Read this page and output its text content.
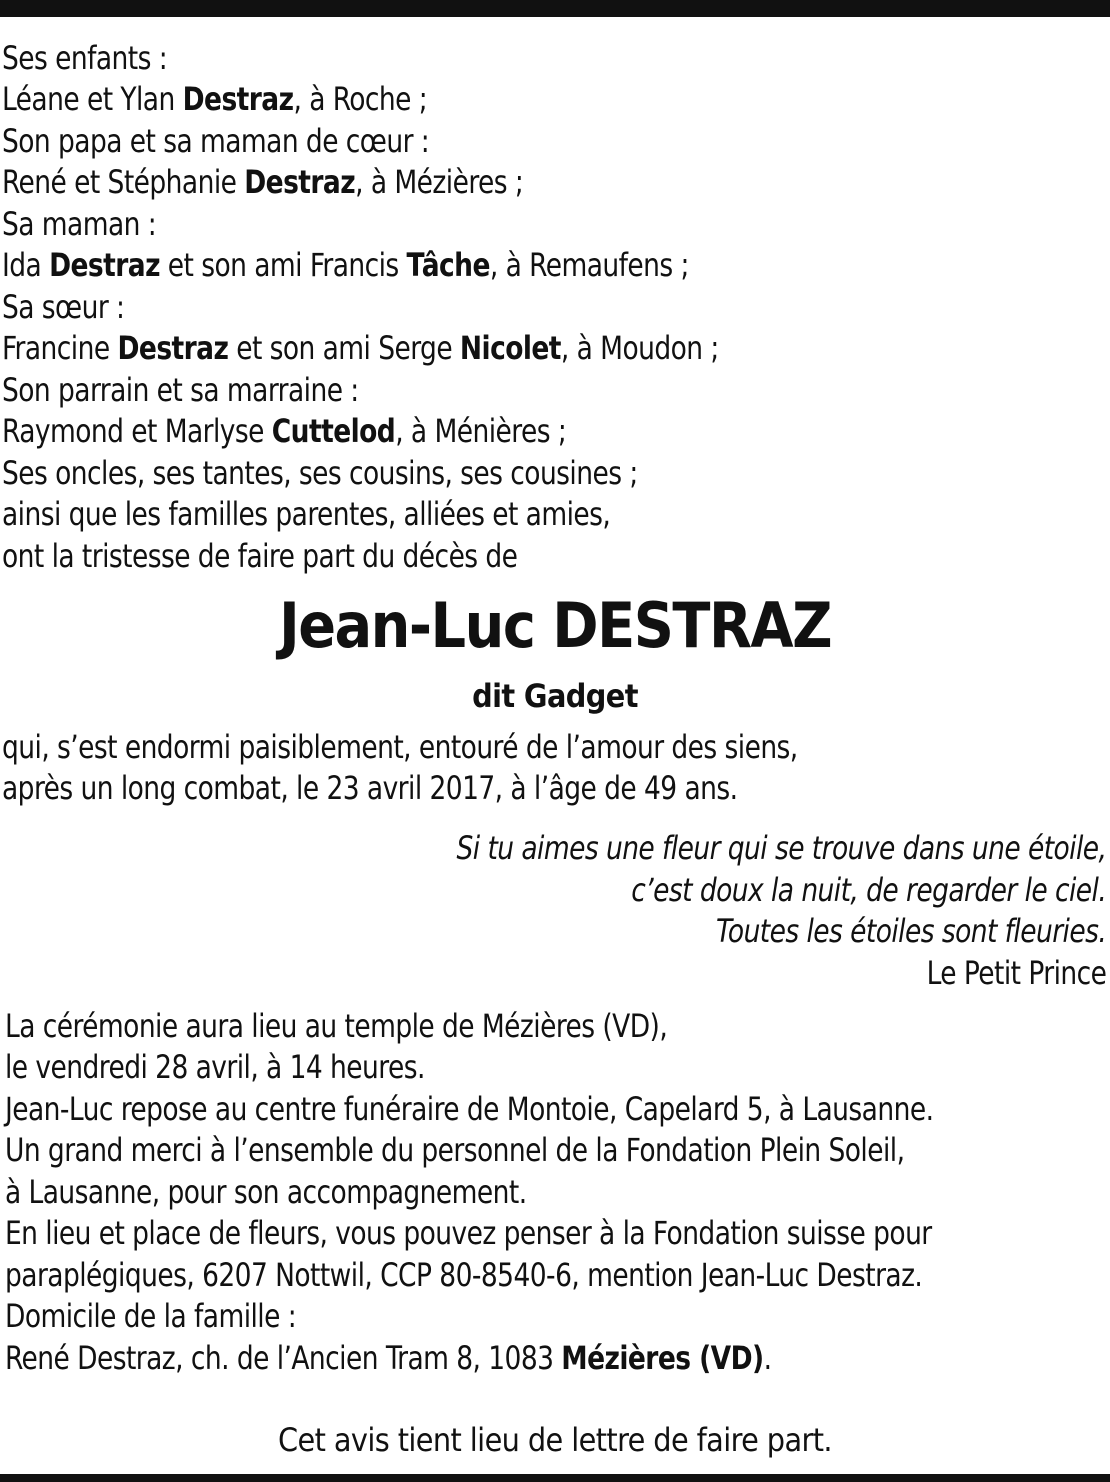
Ses enfants :
Léane et Ylan Destraz, à Roche ;
Son papa et sa maman de cœur :
René et Stéphanie Destraz, à Mézières ;
Sa maman :
Ida Destraz et son ami Francis Tâche, à Remaufens ;
Sa sœur :
Francine Destraz et son ami Serge Nicolet, à Moudon ;
Son parrain et sa marraine :
Raymond et Marlyse Cuttelod, à Ménières ;
Ses oncles, ses tantes, ses cousins, ses cousines ;
ainsi que les familles parentes, alliées et amies,
ont la tristesse de faire part du décès de
Jean-Luc DESTRAZ
dit Gadget
qui, s’est endormi paisiblement, entouré de l’amour des siens,
après un long combat, le 23 avril 2017, à l’âge de 49 ans.
Si tu aimes une fleur qui se trouve dans une étoile,
c’est doux la nuit, de regarder le ciel.
Toutes les étoiles sont fleuries.
Le Petit Prince
La cérémonie aura lieu au temple de Mézières (VD),
le vendredi 28 avril, à 14 heures.
Jean-Luc repose au centre funéraire de Montoie, Capelard 5, à Lausanne.
Un grand merci à l’ensemble du personnel de la Fondation Plein Soleil,
à Lausanne, pour son accompagnement.
En lieu et place de fleurs, vous pouvez penser à la Fondation suisse pour
paraplégiques, 6207 Nottwil, CCP 80-8540-6, mention Jean-Luc Destraz.
Domicile de la famille :
René Destraz, ch. de l’Ancien Tram 8, 1083 Mézières (VD).
Cet avis tient lieu de lettre de faire part.
